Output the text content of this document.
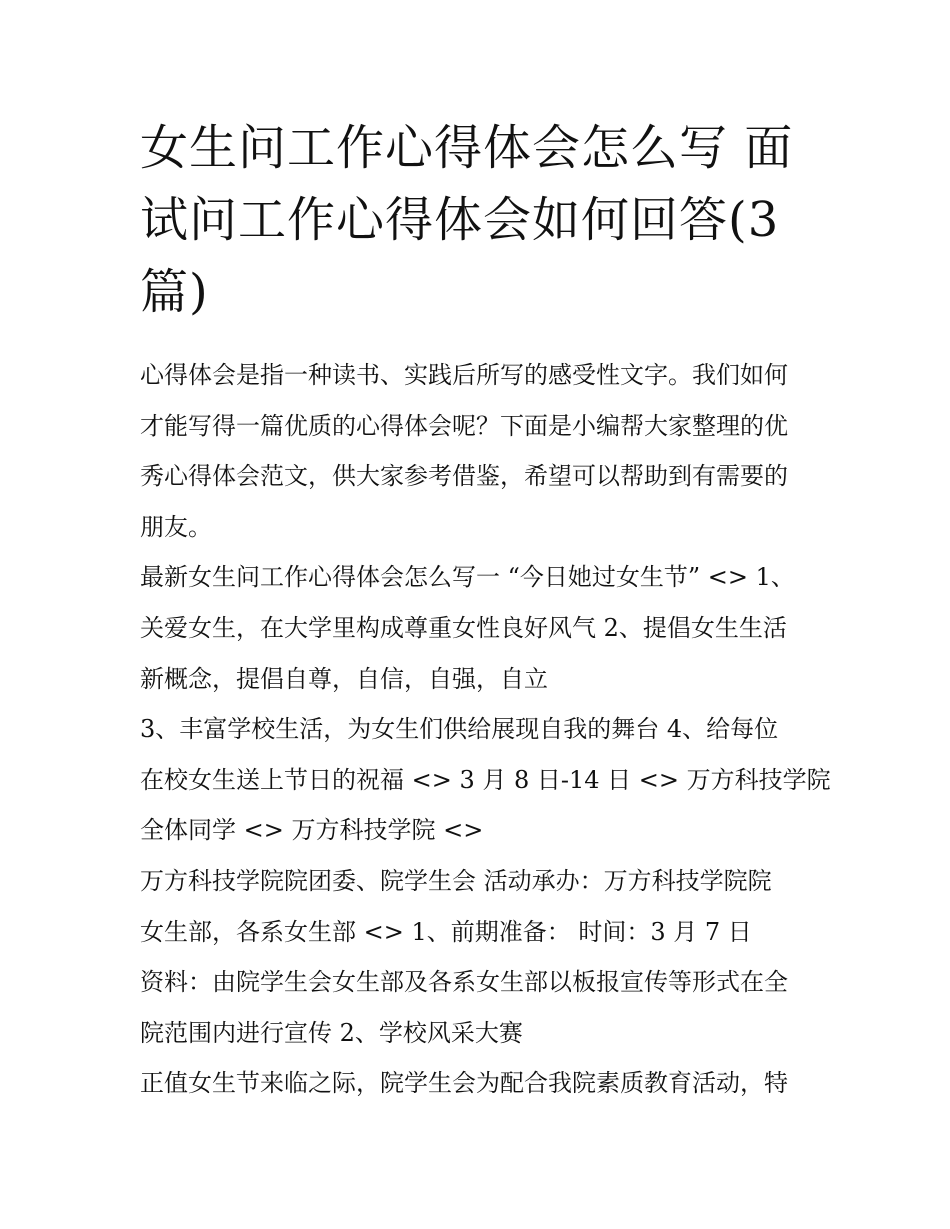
女生问工作心得体会怎么写 面
试问工作心得体会如何回答(3
篇)

心得体会是指一种读书、实践后所写的感受性文字。我们如何
才能写得一篇优质的心得体会呢？下面是小编帮大家整理的优
秀心得体会范文，供大家参考借鉴，希望可以帮助到有需要的
朋友。

最新女生问工作心得体会怎么写一 “今日她过女生节” <> 1、
关爱女生，在大学里构成尊重女性良好风气 2、提倡女生生活
新概念，提倡自尊，自信，自强，自立

3、丰富学校生活，为女生们供给展现自我的舞台 4、给每位
在校女生送上节日的祝福 <> 3 月 8 日-14 日 <> 万方科技学院
全体同学 <> 万方科技学院 <>

万方科技学院院团委、院学生会 活动承办：万方科技学院院
女生部，各系女生部 <> 1、前期准备： 时间：3 月 7 日

资料：由院学生会女生部及各系女生部以板报宣传等形式在全
院范围内进行宣传 2、学校风采大赛

正值女生节来临之际，院学生会为配合我院素质教育活动，特
